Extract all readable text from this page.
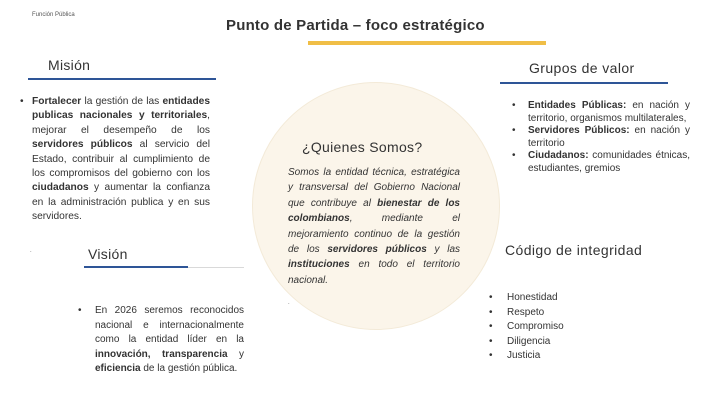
Función Pública
Punto de Partida – foco estratégico
Misión
• Fortalecer la gestión de las entidades publicas nacionales y territoriales, mejorar el desempeño de los servidores públicos al servicio del Estado, contribuir al cumplimiento de los compromisos del gobierno con los ciudadanos y aumentar la confianza en la administración publica y en sus servidores.

.	Visión
• En 2026 seremos reconocidos nacional e internacionalmente como la entidad líder en la innovación, transparencia y eficiencia de la gestión pública.

¿Quienes Somos?

Somos la entidad técnica, estratégica y transversal del Gobierno Nacional que contribuye al bienestar de los colombianos, mediante el mejoramiento continuo de la gestión de los servidores públicos y las instituciones en todo el territorio nacional.

.
Grupos de valor
• Entidades Públicas: en nación y territorio, organismos multilaterales,
• Servidores Públicos: en nación y territorio
• Ciudadanos: comunidades étnicas, estudiantes, gremios
Código de integridad
• Honestidad
• Respeto
• Compromiso
• Diligencia
• Justicia
